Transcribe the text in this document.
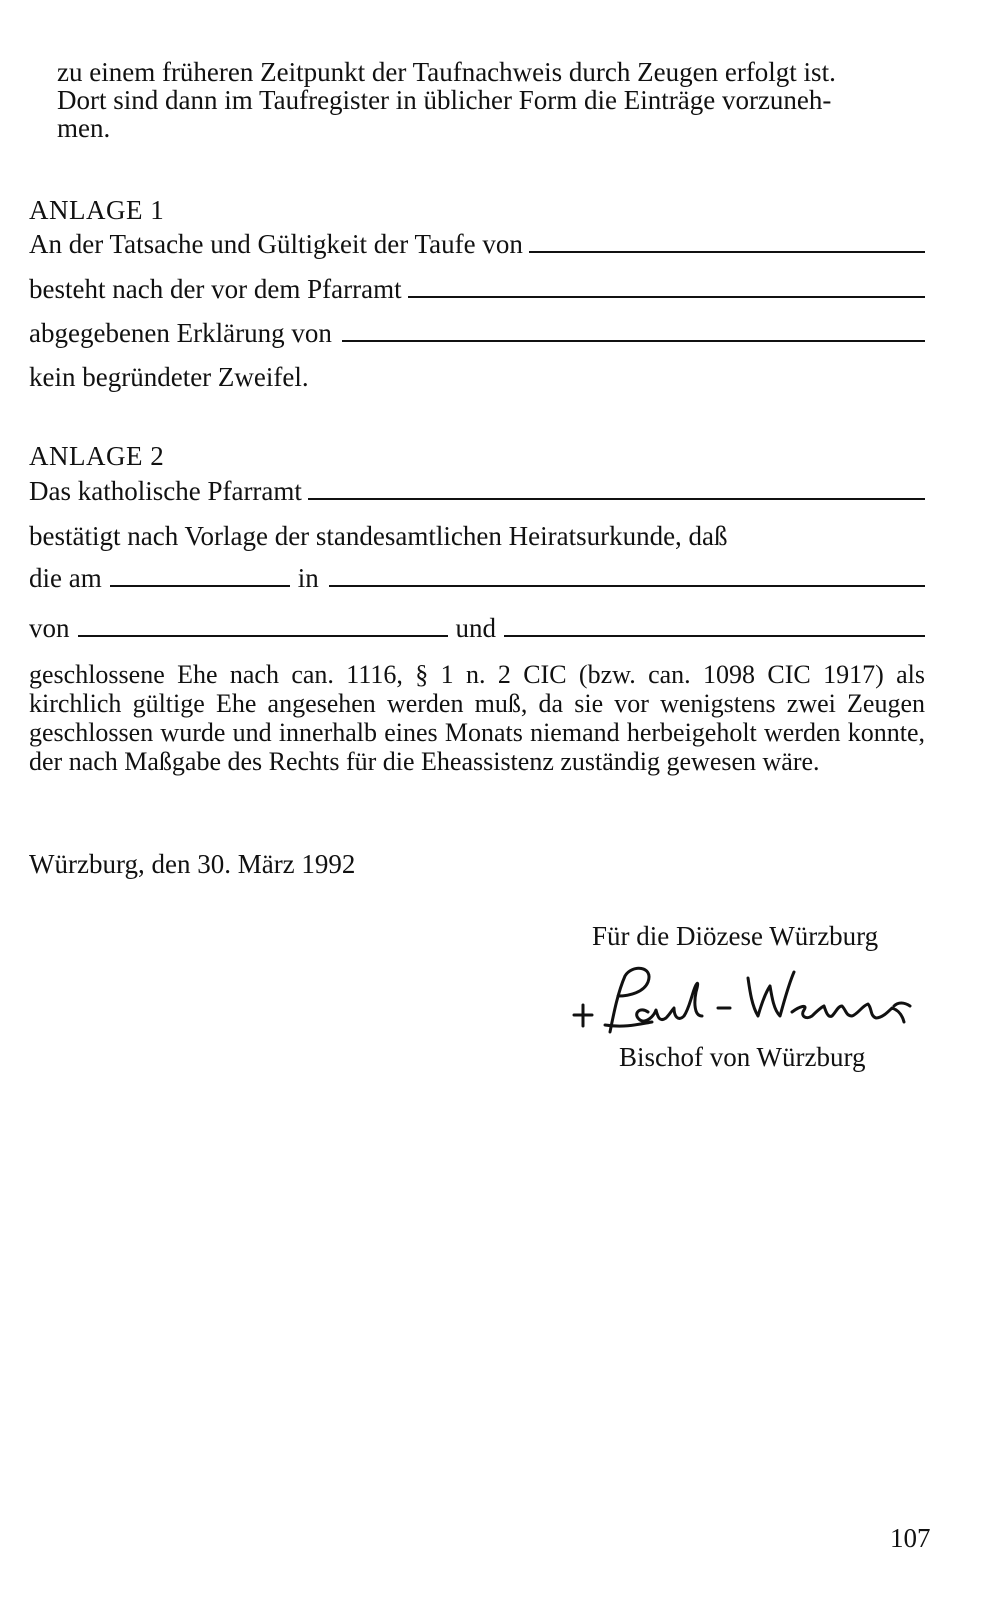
zu einem früheren Zeitpunkt der Taufnachweis durch Zeugen erfolgt ist.
Dort sind dann im Taufregister in üblicher Form die Einträge vorzuneh-
men.
ANLAGE 1
An der Tatsache und Gültigkeit der Taufe von
besteht nach der vor dem Pfarramt
abgegebenen Erklärung von
kein begründeter Zweifel.
ANLAGE 2
Das katholische Pfarramt
bestätigt nach Vorlage der standesamtlichen Heiratsurkunde, daß
die am	in
von	und
geschlossene Ehe nach can. 1116, § 1 n. 2 CIC (bzw. can. 1098 CIC 1917) als kirchlich gültige Ehe angesehen werden muß, da sie vor wenigstens zwei Zeugen geschlossen wurde und innerhalb eines Monats niemand herbeigeholt werden konnte, der nach Maßgabe des Rechts für die Eheassistenz zuständig gewesen wäre.
Würzburg, den 30. März 1992
Für die Diözese Würzburg
Bischof von Würzburg
107
